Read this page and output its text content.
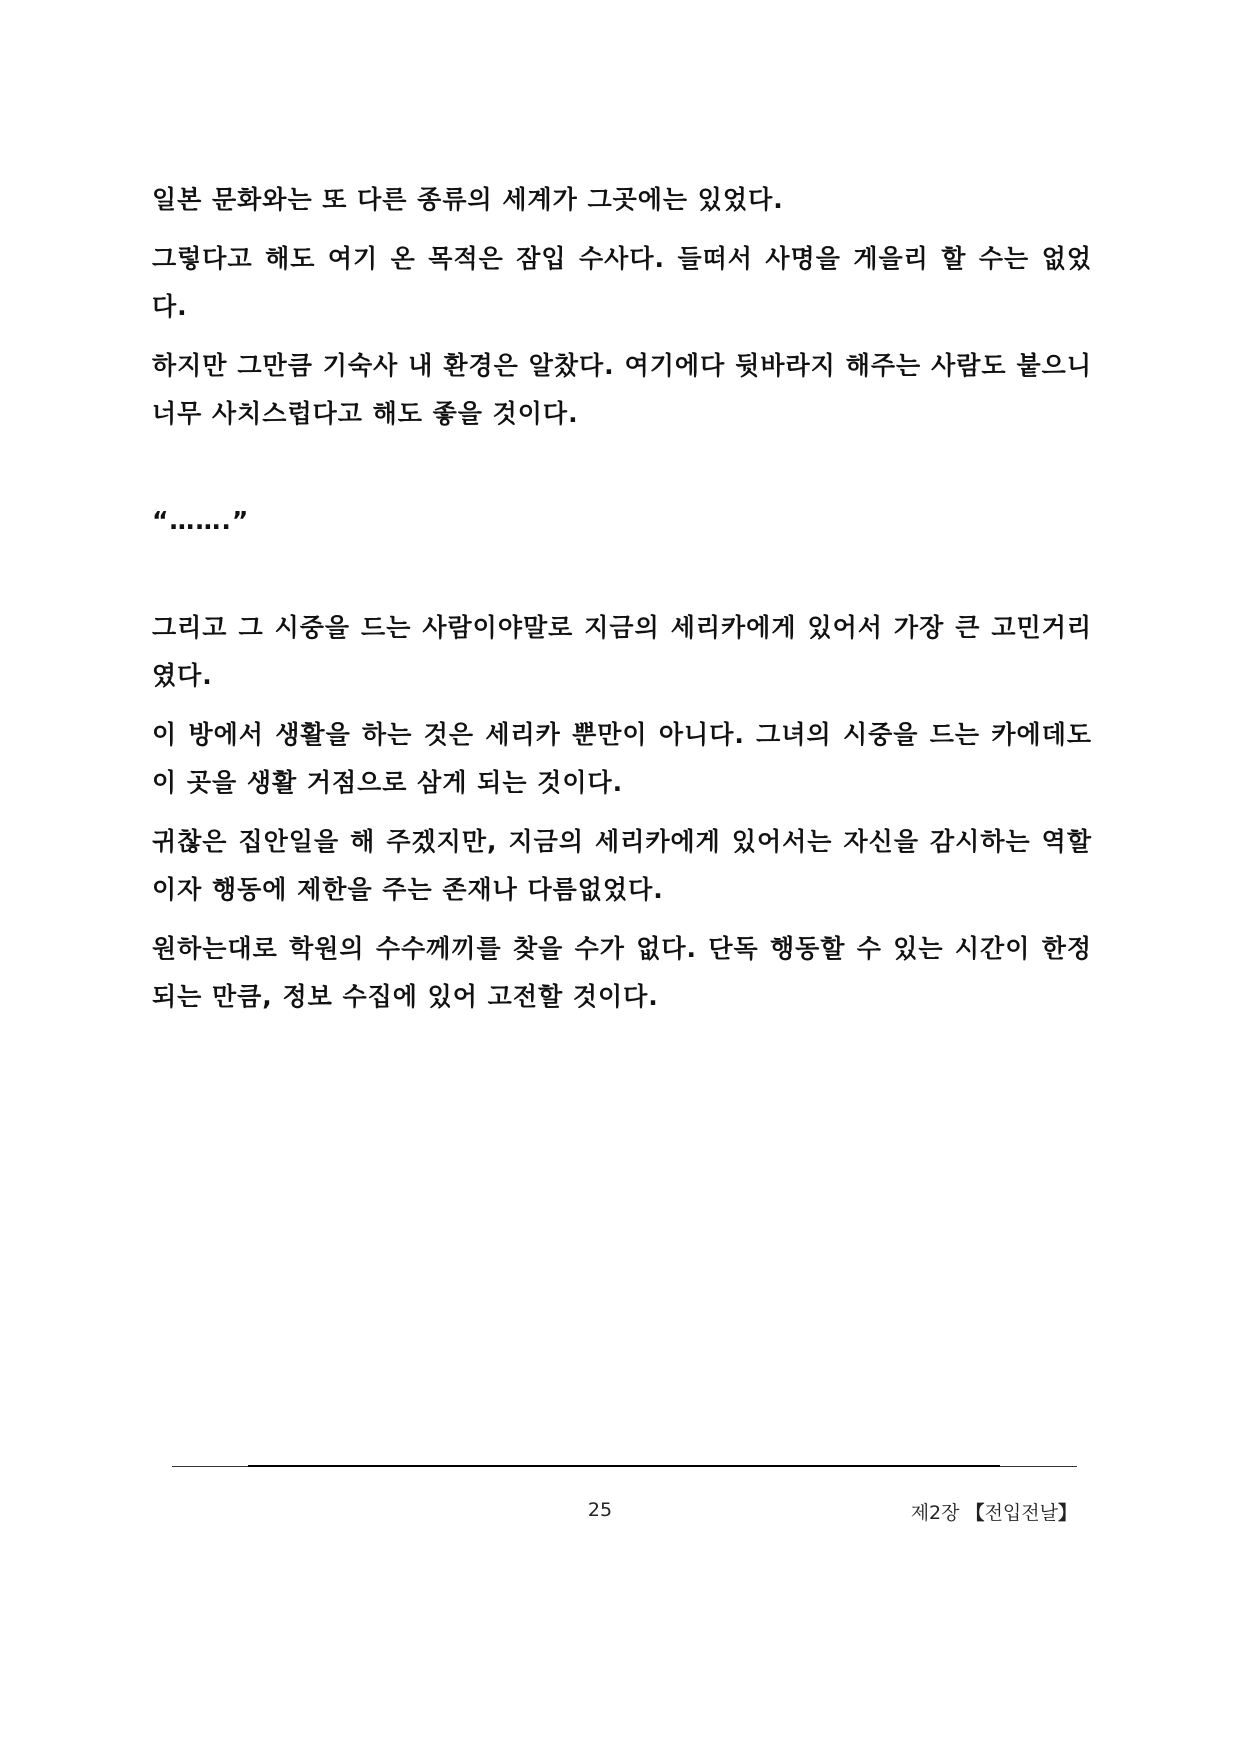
일본 문화와는 또 다른 종류의 세계가 그곳에는 있었다.

그렇다고 해도 여기 온 목적은 잠입 수사다. 들떠서 사명을 게을리 할 수는 없었다.

하지만 그만큼 기숙사 내 환경은 알찼다. 여기에다 뒷바라지 해주는 사람도 붙으니 너무 사치스럽다고 해도 좋을 것이다.

“…….”

그리고 그 시중을 드는 사람이야말로 지금의 세리카에게 있어서 가장 큰 고민거리였다.

이 방에서 생활을 하는 것은 세리카 뿐만이 아니다. 그녀의 시중을 드는 카에데도 이 곳을 생활 거점으로 삼게 되는 것이다.

귀찮은 집안일을 해 주겠지만, 지금의 세리카에게 있어서는 자신을 감시하는 역할이자 행동에 제한을 주는 존재나 다름없었다.

원하는대로 학원의 수수께끼를 찾을 수가 없다. 단독 행동할 수 있는 시간이 한정되는 만큼, 정보 수집에 있어 고전할 것이다.

25	제2장 【전입전날】
